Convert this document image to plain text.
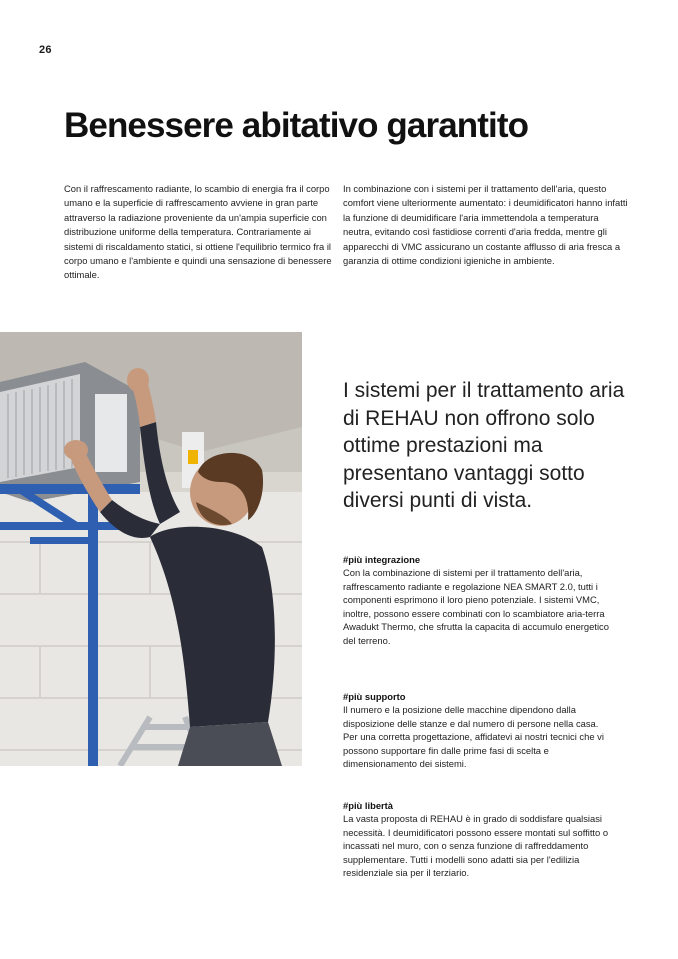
26
Benessere abitativo garantito

Con il raffrescamento radiante, lo scambio di energia fra il corpo umano e la superficie di raffrescamento avviene in gran parte attraverso la radiazione proveniente da un'ampia superficie con distribuzione uniforme della temperatura. Contrariamente ai sistemi di riscaldamento statici, si ottiene l'equilibrio termico fra il corpo umano e l'ambiente e quindi una sensazione di benessere ottimale.

In combinazione con i sistemi per il trattamento dell'aria, questo comfort viene ulteriormente aumentato: i deumidificatori hanno infatti la funzione di deumidificare l'aria immettendola a temperatura neutra, evitando così fastidiose correnti d'aria fredda, mentre gli apparecchi di VMC assicurano un costante afflusso di aria fresca a garanzia di ottime condizioni igieniche in ambiente.

I sistemi per il trattamento aria di REHAU non offrono solo ottime prestazioni ma presentano vantaggi sotto diversi punti di vista.
#più integrazione

Con la combinazione di sistemi per il trattamento dell'aria, raffrescamento radiante e regolazione NEA SMART 2.0, tutti i componenti esprimono il loro pieno potenziale. I sistemi VMC, inoltre, possono essere combinati con lo scambiatore aria-terra Awadukt Thermo, che sfrutta la capacita di accumulo energetico del terreno.

#più supporto

Il numero e la posizione delle macchine dipendono dalla disposizione delle stanze e dal numero di persone nella casa. Per una corretta progettazione, affidatevi ai nostri tecnici che vi possono supportare fin dalle prime fasi di scelta e dimensionamento dei sistemi.

#più libertà

La vasta proposta di REHAU è in grado di soddisfare qualsiasi necessità. I deumidificatori possono essere montati sul soffitto o incassati nel muro, con o senza funzione di raffreddamento supplementare. Tutti i modelli sono adatti sia per l'edilizia residenziale sia per il terziario.
